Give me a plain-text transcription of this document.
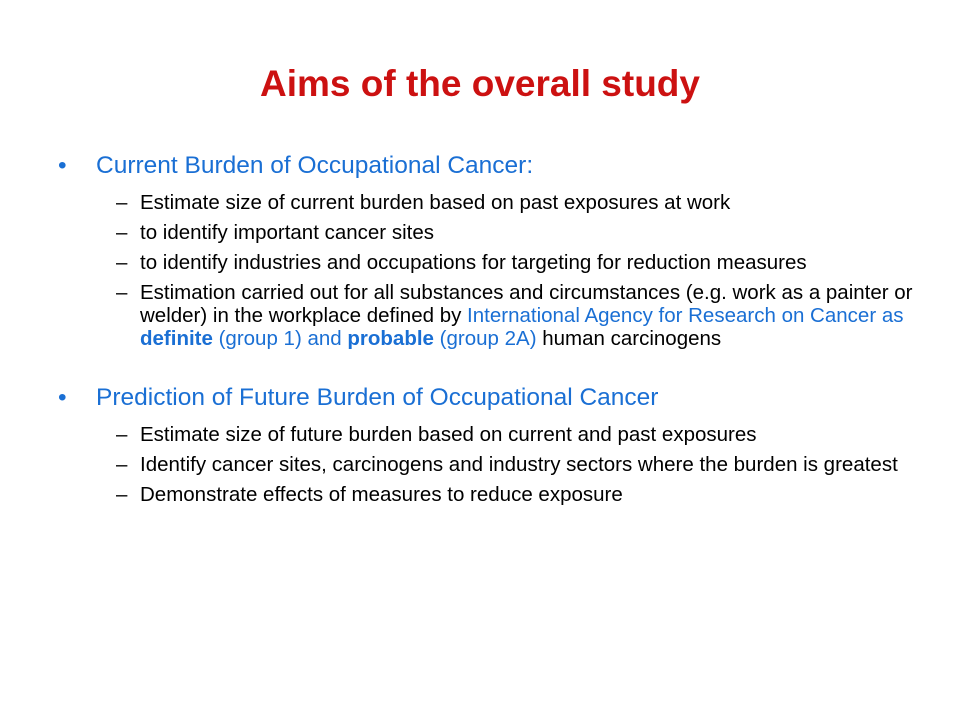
Aims of the overall study
•	Current Burden of Occupational Cancer:
– Estimate size of current burden based on past exposures at work
– to identify important cancer sites
– to identify industries and occupations for targeting for reduction measures
– Estimation carried out for all substances and circumstances (e.g. work as a painter or welder) in the workplace defined by International Agency for Research on Cancer as definite (group 1) and probable (group 2A) human carcinogens
•	Prediction of Future Burden of Occupational Cancer
– Estimate size of future burden based on current and past exposures
– Identify cancer sites, carcinogens and industry sectors where the burden is greatest
– Demonstrate effects of measures to reduce exposure
